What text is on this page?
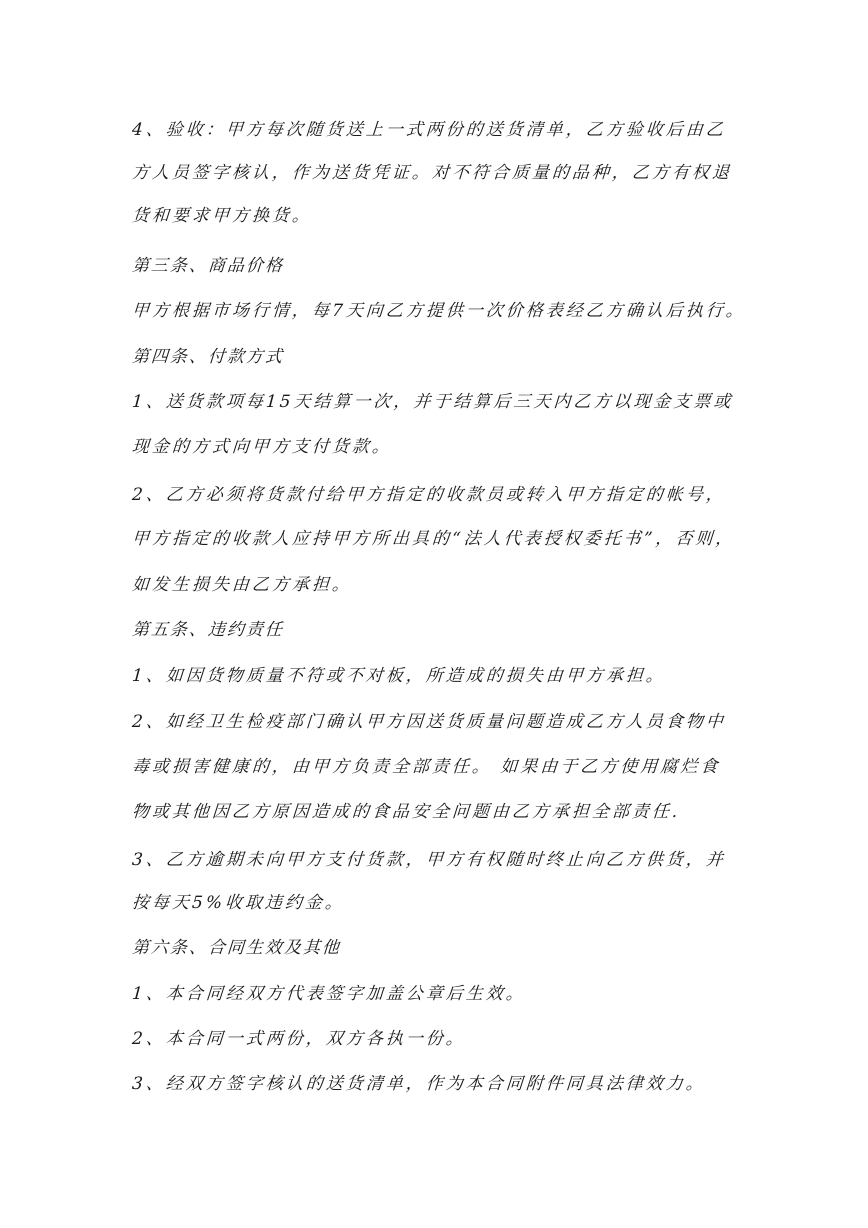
4、验收：甲方每次随货送上一式两份的送货清单，乙方验收后由乙
方人员签字核认，作为送货凭证。对不符合质量的品种，乙方有权退
货和要求甲方换货。
第三条、商品价格
甲方根据市场行情，每7天向乙方提供一次价格表经乙方确认后执行。
第四条、付款方式
1、送货款项每15天结算一次，并于结算后三天内乙方以现金支票或
现金的方式向甲方支付货款。
2、乙方必须将货款付给甲方指定的收款员或转入甲方指定的帐号，
甲方指定的收款人应持甲方所出具的“法人代表授权委托书”，否则，
如发生损失由乙方承担。
第五条、违约责任
1、如因货物质量不符或不对板，所造成的损失由甲方承担。
2、如经卫生检疫部门确认甲方因送货质量问题造成乙方人员食物中
毒或损害健康的，由甲方负责全部责任。 如果由于乙方使用腐烂食
物或其他因乙方原因造成的食品安全问题由乙方承担全部责任.
3、乙方逾期未向甲方支付货款，甲方有权随时终止向乙方供货，并
按每天5%收取违约金。
第六条、合同生效及其他
1、本合同经双方代表签字加盖公章后生效。
2、本合同一式两份，双方各执一份。
3、经双方签字核认的送货清单，作为本合同附件同具法律效力。
